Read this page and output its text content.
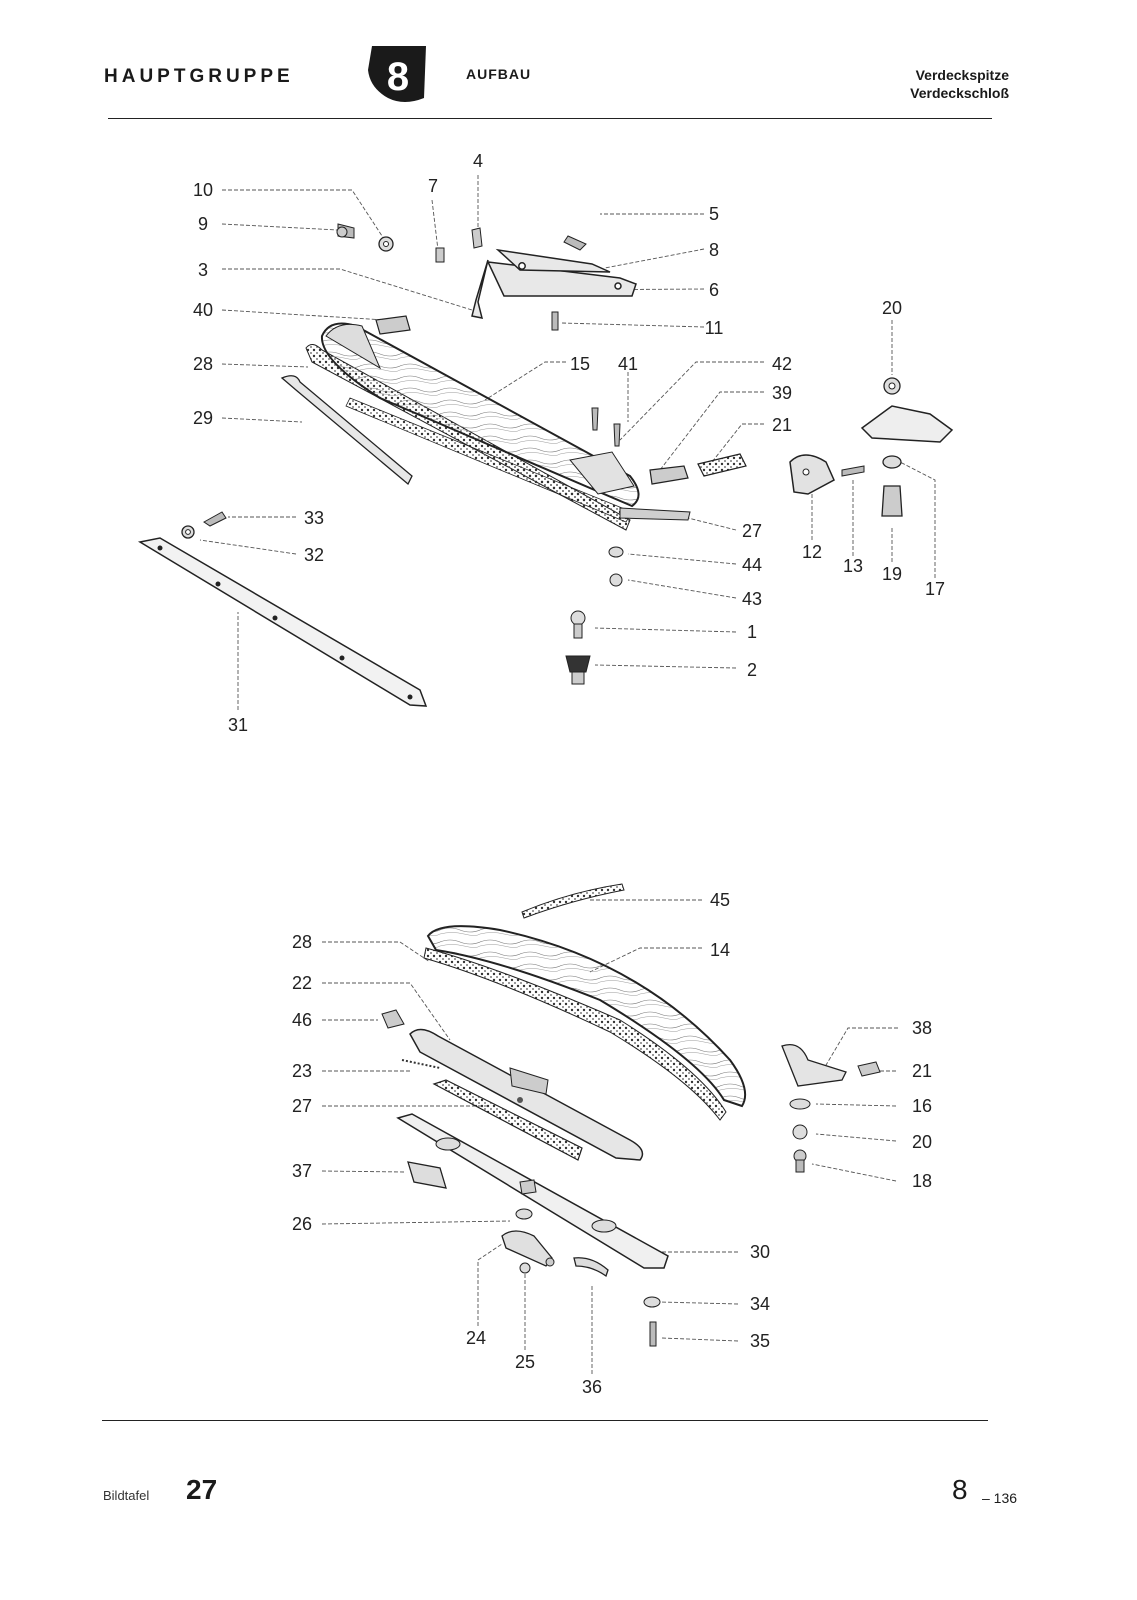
HAUPTGRUPPE 8	AUFBAU	Verdeckspitze
Verdeckschloß
4
7
10
9	5
8
3
6
40
11
20
28	15 41	42
39
29	21
33
27
32	44
12
13 19
17
43
1
2
31
45
28	14
22
46	38
23	21
27	16
20
37	18
26
30
24
34
35
25
36
Bildtafel 27	8 – 136
